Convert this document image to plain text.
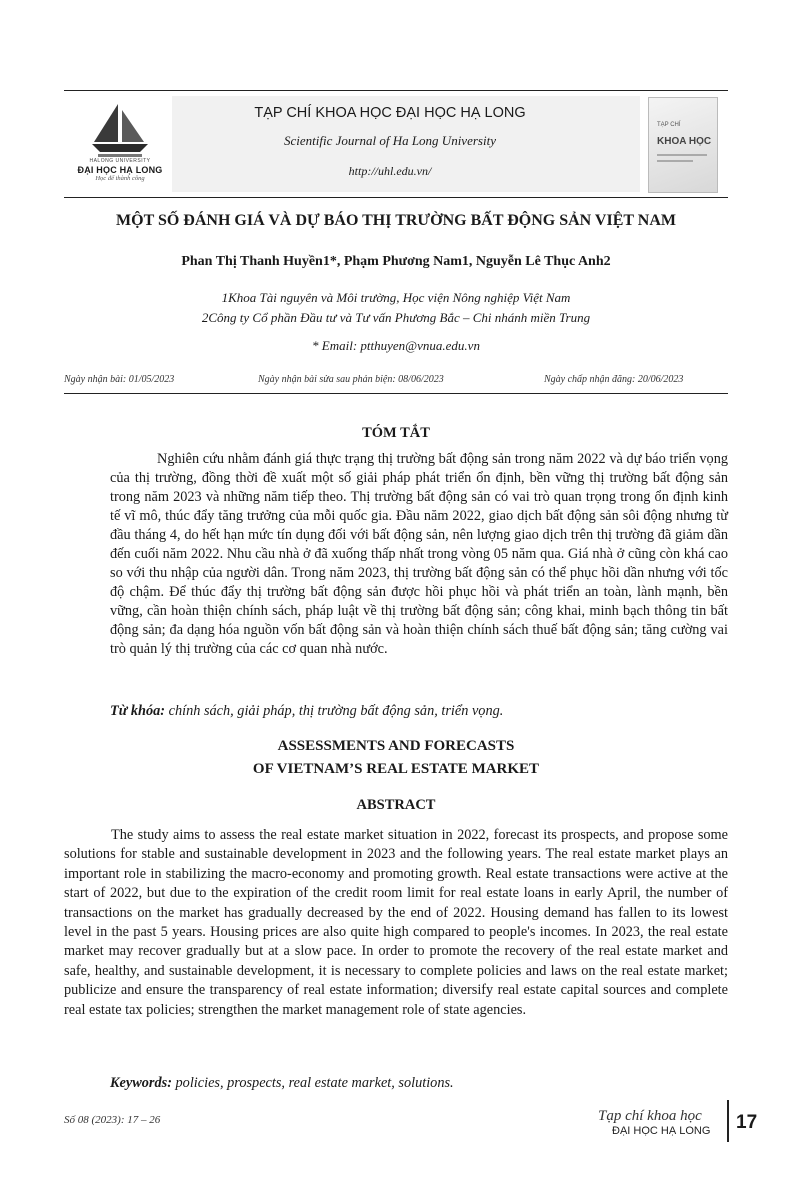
HALONG UNIVERSITY
ĐẠI HỌC HẠ LONG
Học để thành công
TẠP CHÍ KHOA HỌC ĐẠI HỌC HẠ LONG
Scientific Journal of Ha Long University
http://uhl.edu.vn/
TẠP CHÍ
KHOA HỌC
MỘT SỐ ĐÁNH GIÁ VÀ DỰ BÁO THỊ TRƯỜNG BẤT ĐỘNG SẢN VIỆT NAM
Phan Thị Thanh Huyền1*, Phạm Phương Nam1, Nguyễn Lê Thục Anh2
1Khoa Tài nguyên và Môi trường, Học viện Nông nghiệp Việt Nam
2Công ty Cổ phần Đầu tư và Tư vấn Phương Bắc – Chi nhánh miền Trung
* Email: ptthuyen@vnua.edu.vn
Ngày nhận bài: 01/05/2023	Ngày nhận bài sửa sau phản biện: 08/06/2023	Ngày chấp nhận đăng: 20/06/2023
TÓM TẮT
Nghiên cứu nhằm đánh giá thực trạng thị trường bất động sản trong năm 2022 và dự báo triển vọng của thị trường, đồng thời đề xuất một số giải pháp phát triển ổn định, bền vững thị trường bất động sản trong năm 2023 và những năm tiếp theo. Thị trường bất động sản có vai trò quan trọng trong ổn định kinh tế vĩ mô, thúc đẩy tăng trưởng của mỗi quốc gia. Đầu năm 2022, giao dịch bất động sản sôi động nhưng từ đầu tháng 4, do hết hạn mức tín dụng đối với bất động sản, nên lượng giao dịch trên thị trường đã giảm dần đến cuối năm 2022. Nhu cầu nhà ở đã xuống thấp nhất trong vòng 05 năm qua. Giá nhà ở cũng còn khá cao so với thu nhập của người dân. Trong năm 2023, thị trường bất động sản có thể phục hồi dần nhưng với tốc độ chậm. Để thúc đẩy thị trường bất động sản được hồi phục hồi và phát triển an toàn, lành mạnh, bền vững, cần hoàn thiện chính sách, pháp luật về thị trường bất động sản; công khai, minh bạch thông tin bất động sản; đa dạng hóa nguồn vốn bất động sản và hoàn thiện chính sách thuế bất động sản; tăng cường vai trò quản lý thị trường của các cơ quan nhà nước.
Từ khóa: chính sách, giải pháp, thị trường bất động sản, triển vọng.
ASSESSMENTS AND FORECASTS
OF VIETNAM’S REAL ESTATE MARKET
ABSTRACT
The study aims to assess the real estate market situation in 2022, forecast its prospects, and propose some solutions for stable and sustainable development in 2023 and the following years. The real estate market plays an important role in stabilizing the macro-economy and promoting growth. Real estate transactions were active at the start of 2022, but due to the expiration of the credit room limit for real estate loans in early April, the number of transactions on the market has gradually decreased by the end of 2022. Housing demand has fallen to its lowest level in the past 5 years. Housing prices are also quite high compared to people's incomes. In 2023, the real estate market may recover gradually but at a slow pace. In order to promote the recovery of the real estate market and safe, healthy, and sustainable development, it is necessary to complete policies and laws on the real estate market; publicize and ensure the transparency of real estate information; diversify real estate capital sources and complete real estate tax policies; strengthen the market management role of state agencies.
Keywords: policies, prospects, real estate market, solutions.
Số 08 (2023): 17 – 26	Tạp chí khoa học
ĐẠI HỌC HẠ LONG 17
